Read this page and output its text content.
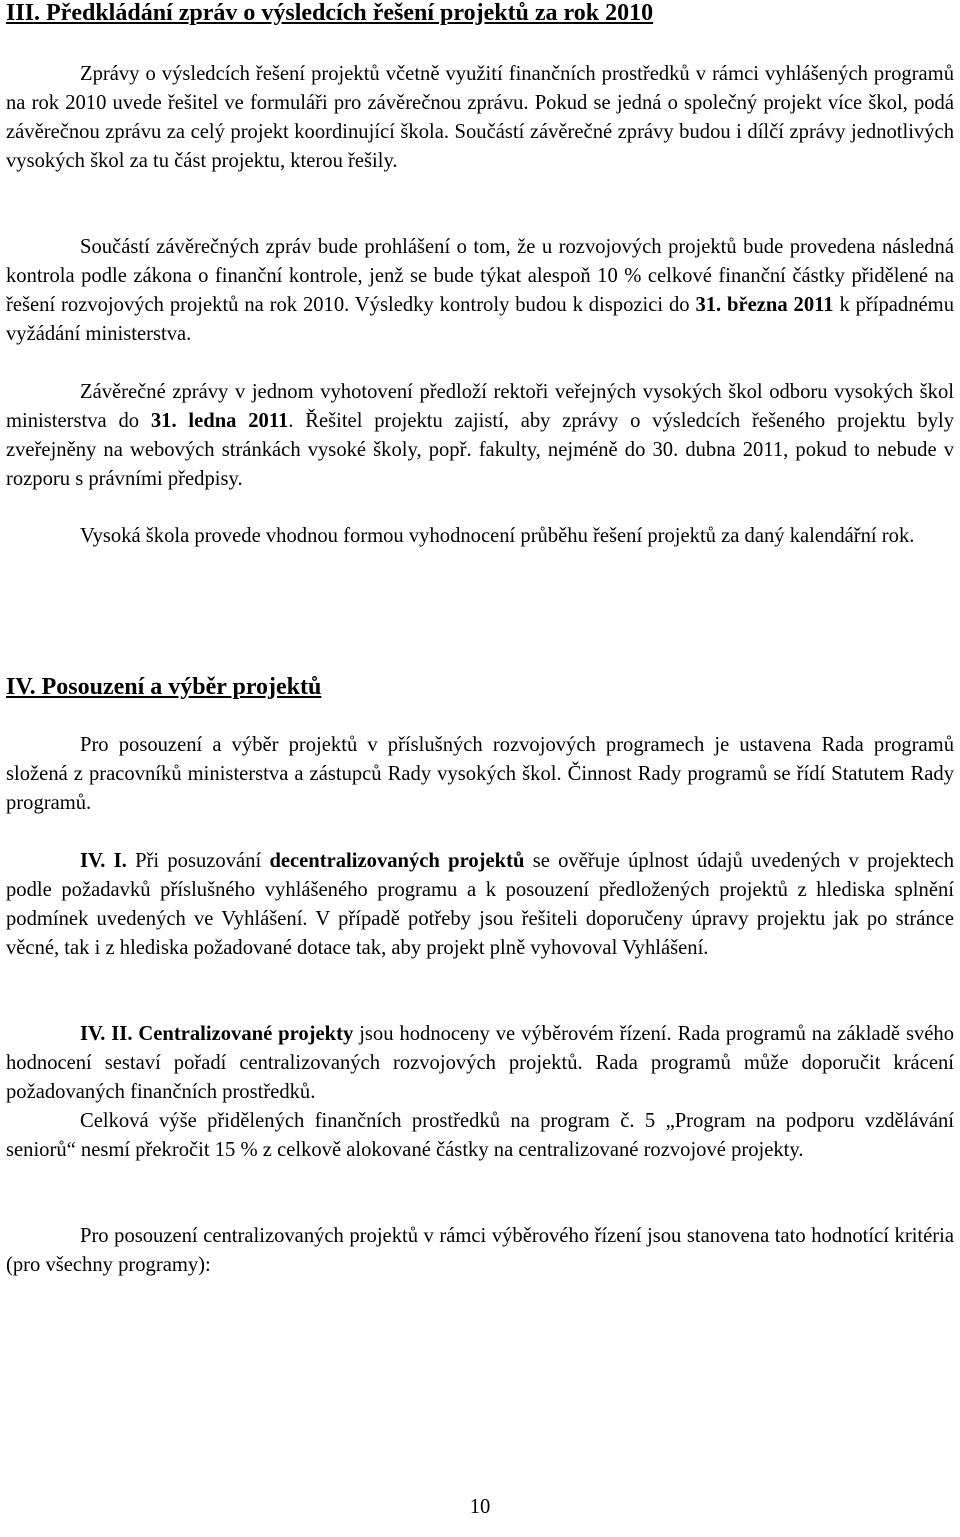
III. Předkládání zpráv o výsledcích řešení projektů za rok 2010

Zprávy o výsledcích řešení projektů včetně využití finančních prostředků v rámci vyhlášených programů na rok 2010 uvede řešitel ve formuláři pro závěrečnou zprávu. Pokud se jedná o společný projekt více škol, podá závěrečnou zprávu za celý projekt koordinující škola. Součástí závěrečné zprávy budou i dílčí zprávy jednotlivých vysokých škol za tu část projektu, kterou řešily.

Součástí závěrečných zpráv bude prohlášení o tom, že u rozvojových projektů bude provedena následná kontrola podle zákona o finanční kontrole, jenž se bude týkat alespoň 10 % celkové finanční částky přidělené na řešení rozvojových projektů na rok 2010. Výsledky kontroly budou k dispozici do 31. března 2011 k případnému vyžádání ministerstva.

Závěrečné zprávy v jednom vyhotovení předloží rektoři veřejných vysokých škol odboru vysokých škol ministerstva do 31. ledna 2011. Řešitel projektu zajistí, aby zprávy o výsledcích řešeného projektu byly zveřejněny na webových stránkách vysoké školy, popř. fakulty, nejméně do 30. dubna 2011, pokud to nebude v rozporu s právními předpisy.

Vysoká škola provede vhodnou formou vyhodnocení průběhu řešení projektů za daný kalendářní rok.

IV. Posouzení a výběr projektů

Pro posouzení a výběr projektů v příslušných rozvojových programech je ustavena Rada programů složená z pracovníků ministerstva a zástupců Rady vysokých škol. Činnost Rady programů se řídí Statutem Rady programů.

IV. I. Při posuzování decentralizovaných projektů se ověřuje úplnost údajů uvedených v projektech podle požadavků příslušného vyhlášeného programu a k posouzení předložených projektů z hlediska splnění podmínek uvedených ve Vyhlášení. V případě potřeby jsou řešiteli doporučeny úpravy projektu jak po stránce věcné, tak i z hlediska požadované dotace tak, aby projekt plně vyhovoval Vyhlášení.

IV. II. Centralizované projekty jsou hodnoceny ve výběrovém řízení. Rada programů na základě svého hodnocení sestaví pořadí centralizovaných rozvojových projektů. Rada programů může doporučit krácení požadovaných finančních prostředků.

Celková výše přidělených finančních prostředků na program č. 5 „Program na podporu vzdělávání seniorů“ nesmí překročit 15 % z celkově alokované částky na centralizované rozvojové projekty.

Pro posouzení centralizovaných projektů v rámci výběrového řízení jsou stanovena tato hodnotící kritéria (pro všechny programy):

10
